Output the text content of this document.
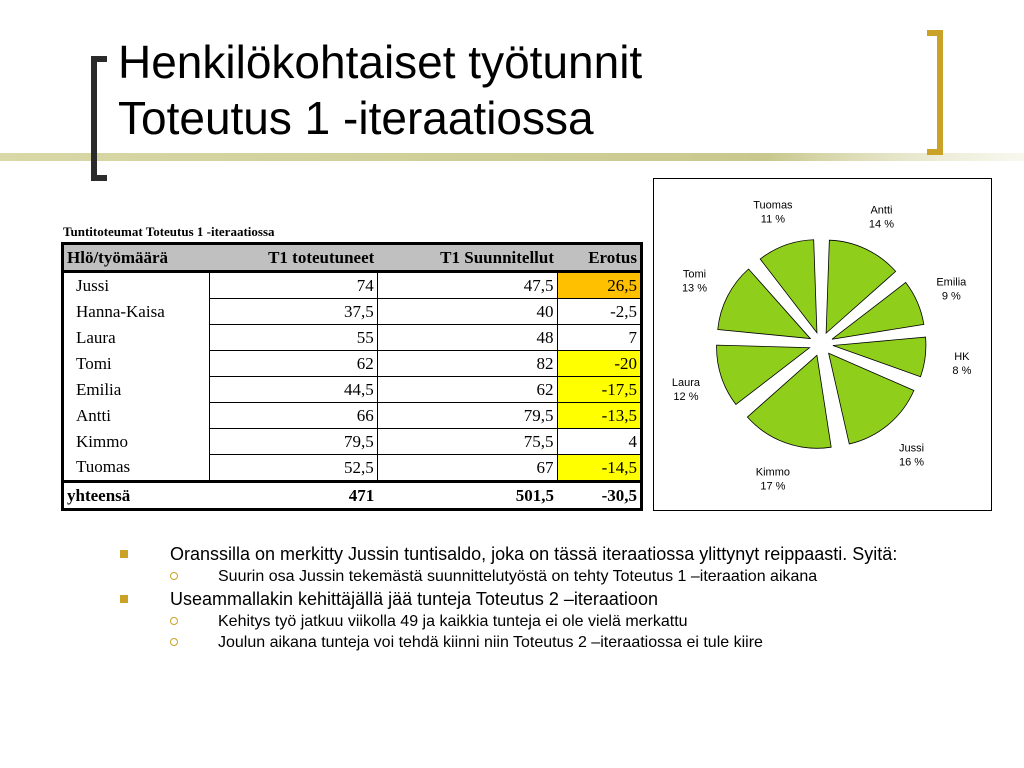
Henkilökohtaiset työtunnit
Toteutus 1 -iteraatiossa
Tuntitoteumat Toteutus 1 -iteraatiossa
Hlö/työmäärä	T1 toteutuneet	T1 Suunnitellut	Erotus
Jussi	74	47,5	26,5
Hanna-Kaisa	37,5	40	-2,5
Laura	55	48	7
Tomi	62	82	-20
Emilia	44,5	62	-17,5
Antti	66	79,5	-13,5
Kimmo	79,5	75,5	4
Tuomas	52,5	67	-14,5
yhteensä	471	501,5	-30,5
Antti
14 %
Emilia
9 %
HK
8 %
Jussi
16 %
Kimmo
17 %
Laura
12 %
Tomi
13 %
Tuomas
11 %
Oranssilla on merkitty Jussin tuntisaldo, joka on tässä iteraatiossa ylittynyt reippaasti. Syitä:
Suurin osa Jussin tekemästä suunnittelutyöstä on tehty Toteutus 1 –iteraation aikana
Useammallakin kehittäjällä jää tunteja Toteutus 2 –iteraatioon
Kehitys työ jatkuu viikolla 49 ja kaikkia tunteja ei ole vielä merkattu
Joulun aikana tunteja voi tehdä kiinni niin Toteutus 2 –iteraatiossa ei tule kiire
